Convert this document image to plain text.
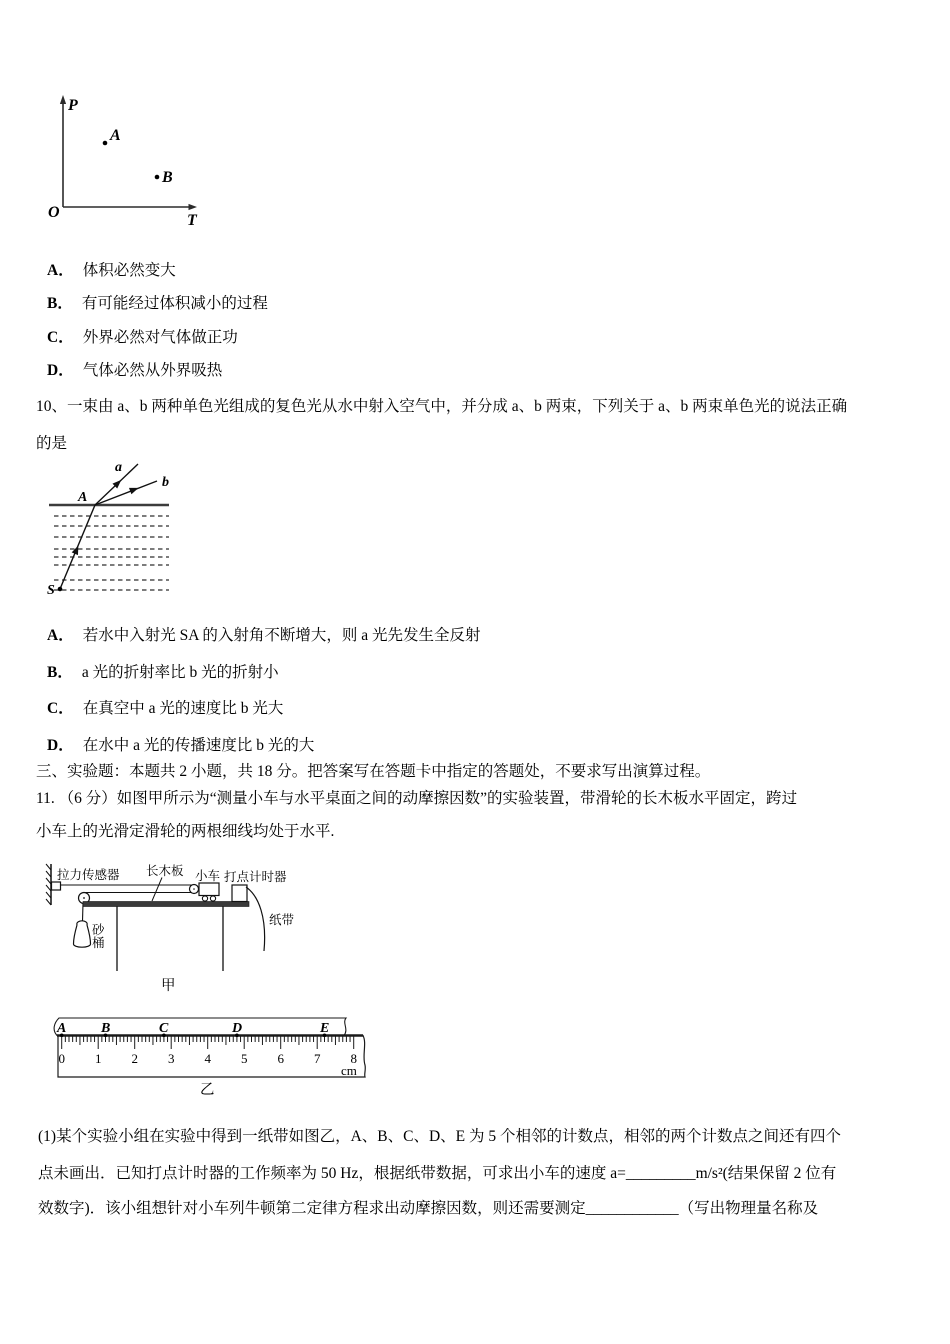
P
T
O
A
B
A． 体积必然变大
B． 有可能经过体积减小的过程
C． 外界必然对气体做正功
D． 气体必然从外界吸热
10、一束由 a、b 两种单色光组成的复色光从水中射入空气中，并分成 a、b 两束，下列关于 a、b 两束单色光的说法正确
的是
a
b
A
S
A． 若水中入射光 SA 的入射角不断增大，则 a 光先发生全反射
B． a 光的折射率比 b 光的折射小
C． 在真空中 a 光的速度比 b 光大
D． 在水中 a 光的传播速度比 b 光的大
三、实验题：本题共 2 小题，共 18 分。把答案写在答题卡中指定的答题处，不要求写出演算过程。
11. （6 分）如图甲所示为“测量小车与水平桌面之间的动摩擦因数”的实验装置，带滑轮的长木板水平固定，跨过
小车上的光滑定滑轮的两根细线均处于水平.
拉力传感器 长木板 小车 打点计时器
纸带
砂
桶
甲
A B	C	D	E
0 1 2 3 4 5 6 7 8
cm
乙
(1)某个实验小组在实验中得到一纸带如图乙，A、B、C、D、E 为 5 个相邻的计数点，相邻的两个计数点之间还有四个
点未画出．已知打点计时器的工作频率为 50 Hz，根据纸带数据，可求出小车的速度 a=_________m/s²(结果保留 2 位有
效数字)．该小组想针对小车列牛顿第二定律方程求出动摩擦因数，则还需要测定____________（写出物理量名称及
